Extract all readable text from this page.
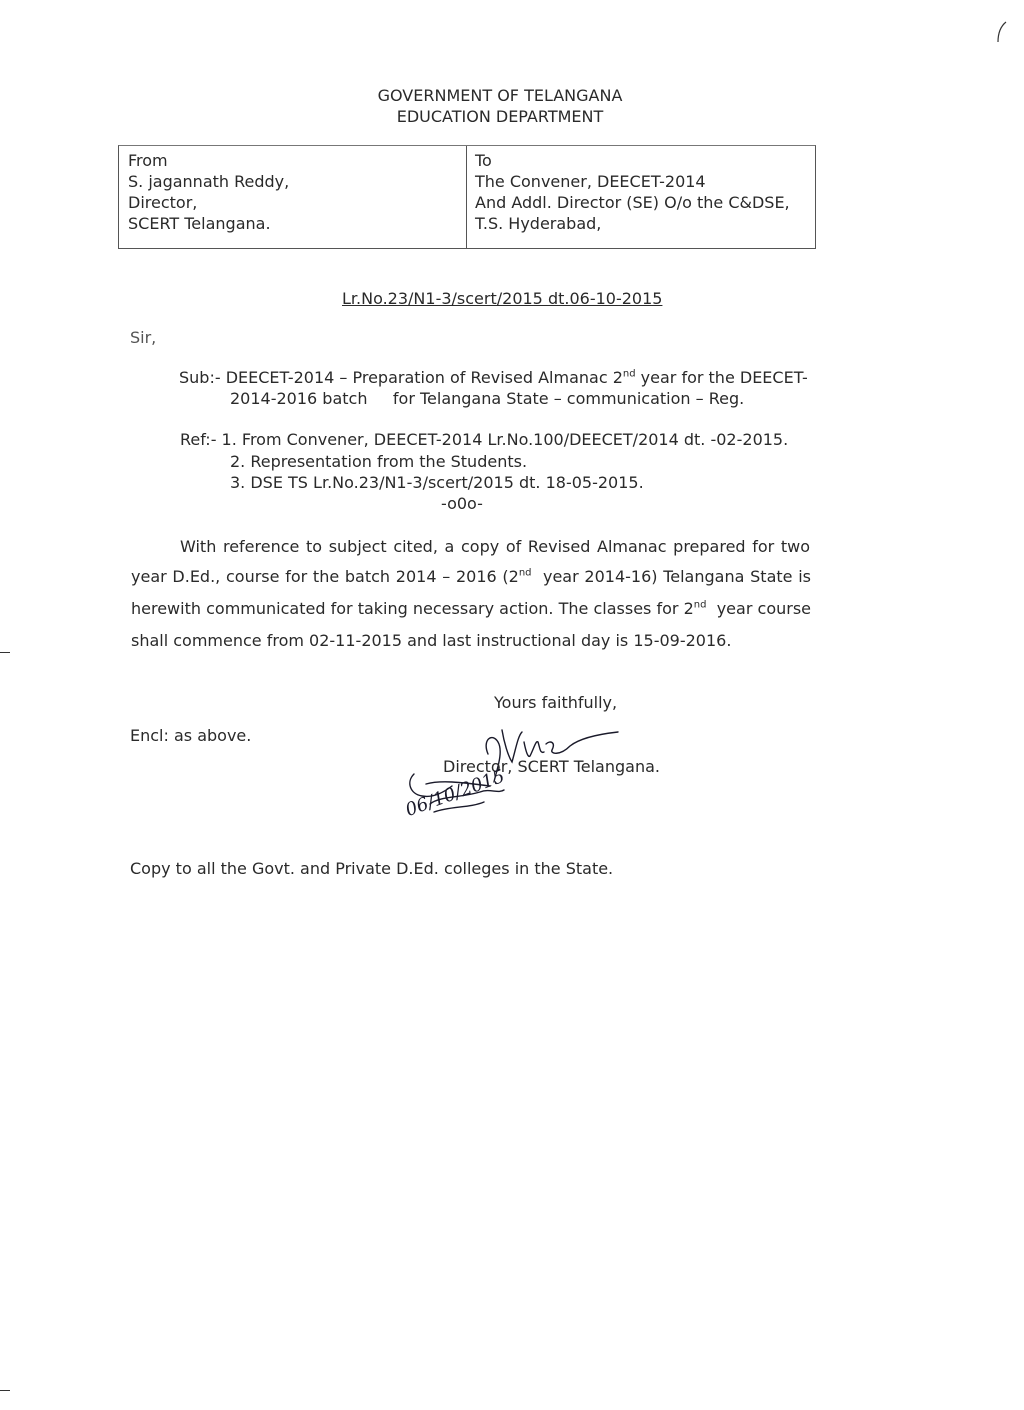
GOVERNMENT OF TELANGANA
EDUCATION DEPARTMENT
From
S. jagannath Reddy,
Director,
SCERT Telangana.
To
The Convener, DEECET-2014
And Addl. Director (SE) O/o the C&DSE,
T.S. Hyderabad,
Lr.No.23/N1-3/scert/2015 dt.06-10-2015
Sir,
Sub:- DEECET-2014 – Preparation of Revised Almanac 2nd year for the DEECET-
2014-2016 batch     for Telangana State – communication – Reg.
Ref:- 1. From Convener, DEECET-2014 Lr.No.100/DEECET/2014 dt. -02-2015.
2. Representation from the Students.
3. DSE TS Lr.No.23/N1-3/scert/2015 dt. 18-05-2015.
-o0o-
With reference to subject cited, a copy of Revised Almanac prepared for two
year D.Ed., course for the batch 2014 – 2016 (2nd  year 2014-16) Telangana State is
herewith communicated for taking necessary action. The classes for 2nd  year course
shall commence from 02-11-2015 and last instructional day is 15-09-2016.
Yours faithfully,
Encl: as above.
Director, SCERT Telangana.
06/10/2015
Copy to all the Govt. and Private D.Ed. colleges in the State.
